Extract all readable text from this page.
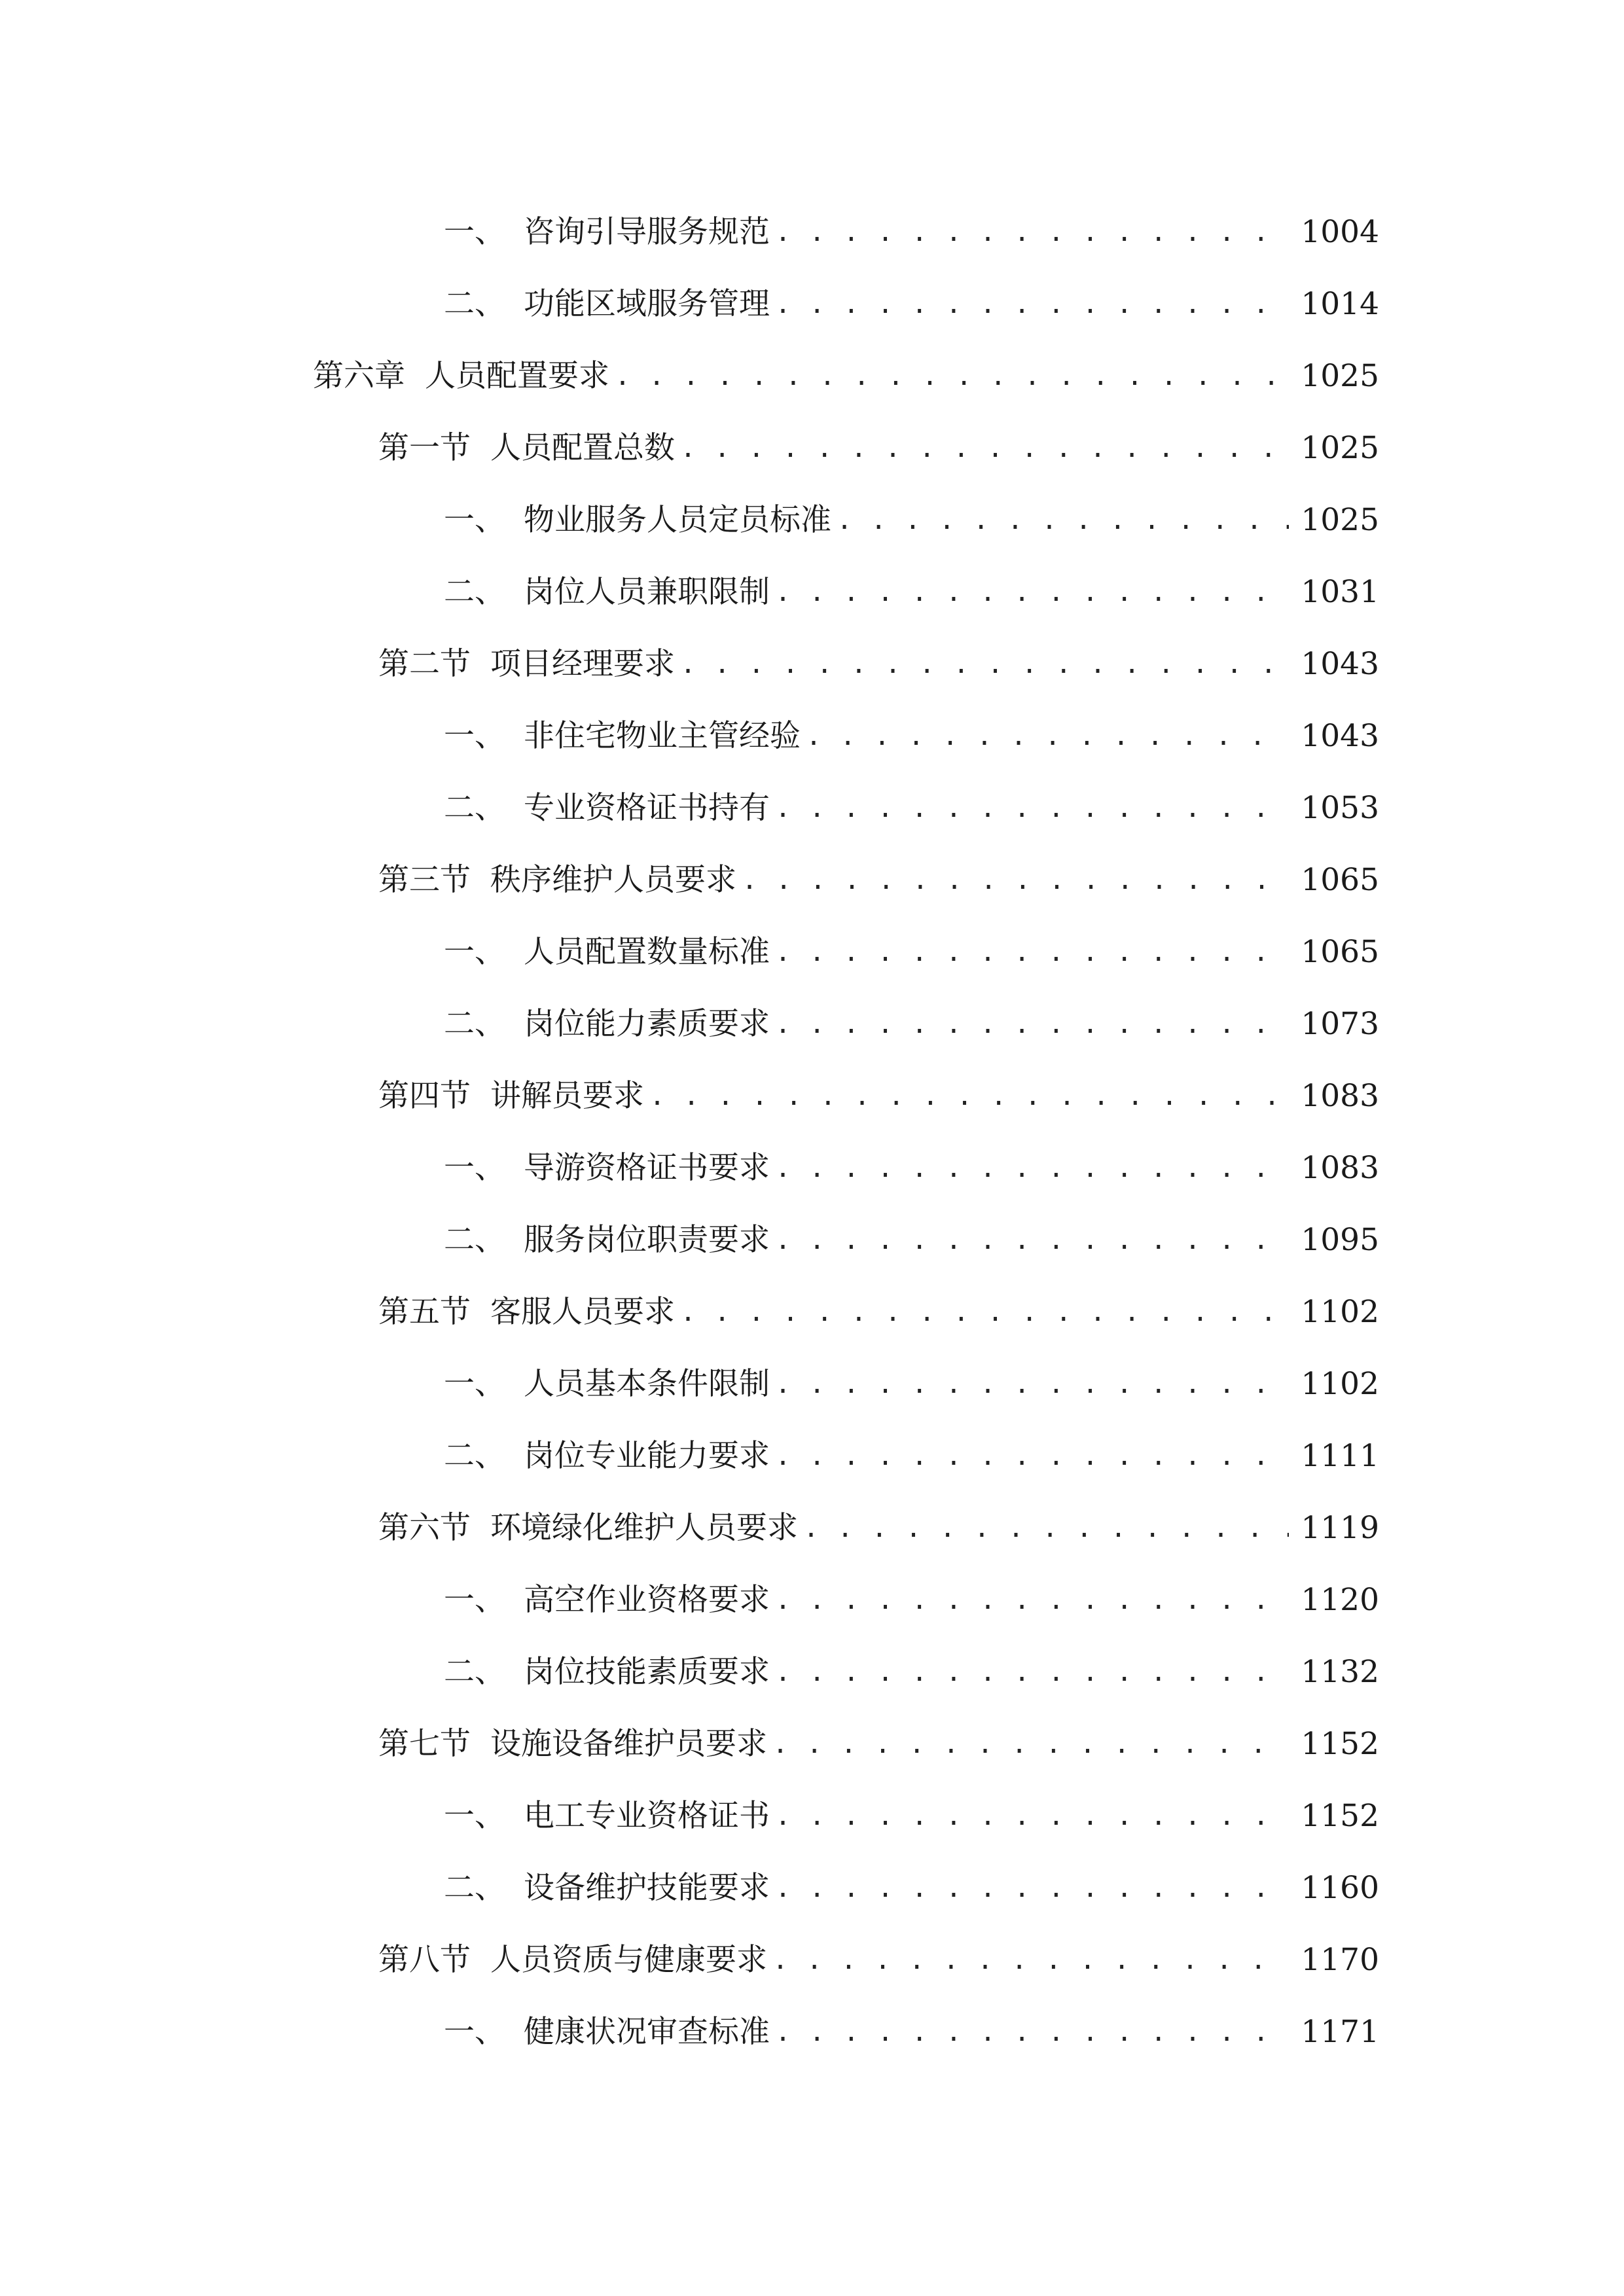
一、 咨询引导服务规范 . . .	1004
二、 功能区域服务管理 . . .	1014
第六章 人员配置要求 . . .	1025
第一节 人员配置总数 . . .	1025
一、 物业服务人员定员标准 . . .	1025
二、 岗位人员兼职限制 . . .	1031
第二节 项目经理要求 . . .	1043
一、 非住宅物业主管经验 . . .	1043
二、 专业资格证书持有 . . .	1053
第三节 秩序维护人员要求 . . .	1065
一、 人员配置数量标准 . . .	1065
二、 岗位能力素质要求 . . .	1073
第四节 讲解员要求 . . .	1083
一、 导游资格证书要求 . . .	1083
二、 服务岗位职责要求 . . .	1095
第五节 客服人员要求 . . .	1102
一、 人员基本条件限制 . . .	1102
二、 岗位专业能力要求 . . .	1111
第六节 环境绿化维护人员要求 . . .	1119
一、 高空作业资格要求 . . .	1120
二、 岗位技能素质要求 . . .	1132
第七节 设施设备维护员要求 . . .	1152
一、 电工专业资格证书 . . .	1152
二、 设备维护技能要求 . . .	1160
第八节 人员资质与健康要求 . . .	1170
一、 健康状况审查标准 . . .	1171
